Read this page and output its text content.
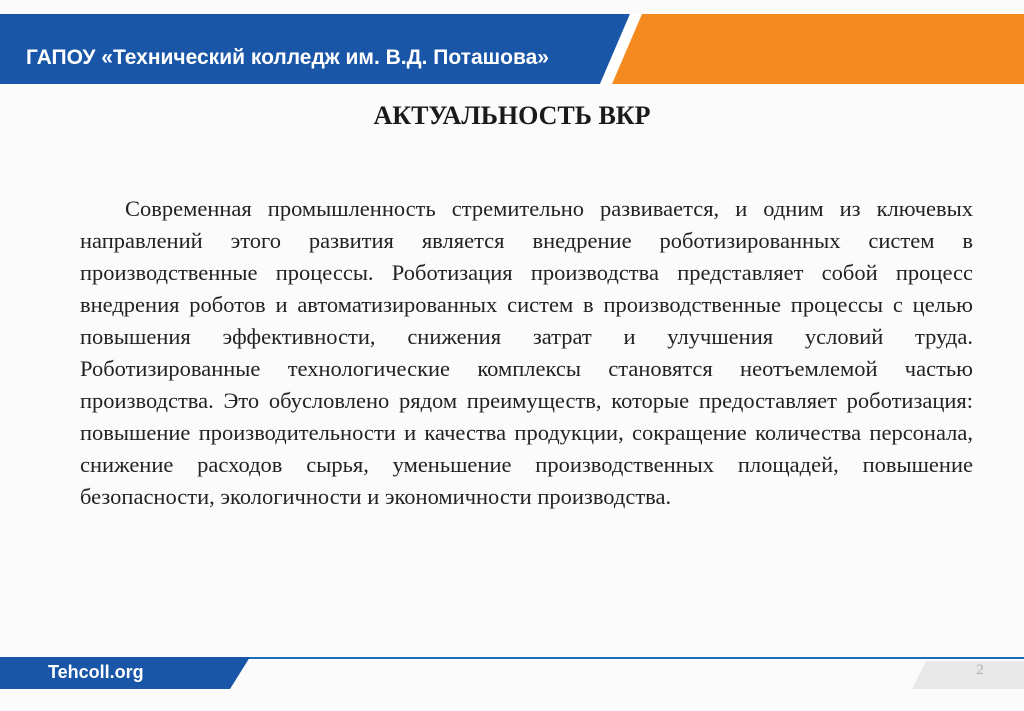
ГАПОУ «Технический колледж им. В.Д. Поташова»
АКТУАЛЬНОСТЬ ВКР

Современная промышленность стремительно развивается, и одним из ключевых направлений этого развития является внедрение роботизированных систем в производственные процессы. Роботизация производства представляет собой процесс внедрения роботов и автоматизированных систем в производственные процессы с целью повышения эффективности, снижения затрат и улучшения условий труда. Роботизированные технологические комплексы становятся неотъемлемой частью производства. Это обусловлено рядом преимуществ, которые предоставляет роботизация: повышение производительности и качества продукции, сокращение количества персонала, снижение расходов сырья, уменьшение производственных площадей, повышение безопасности, экологичности и экономичности производства.

Tehcoll.org	2
